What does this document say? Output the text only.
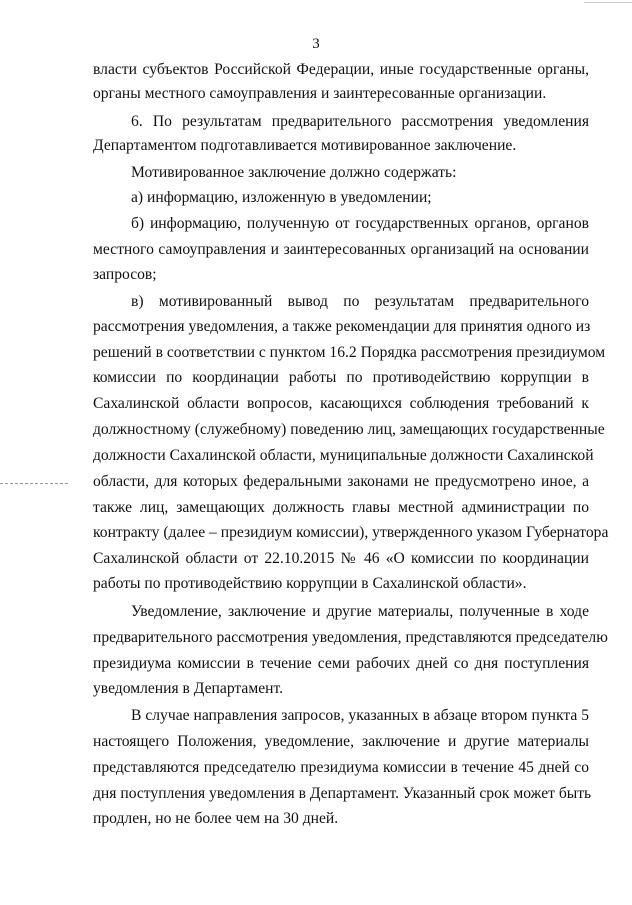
3
власти субъектов Российской Федерации, иные государственные органы,
органы местного самоуправления и заинтересованные организации.
6. По результатам предварительного рассмотрения уведомления
Департаментом подготавливается мотивированное заключение.
Мотивированное заключение должно содержать:
а) информацию, изложенную в уведомлении;
б) информацию, полученную от государственных органов, органов
местного самоуправления и заинтересованных организаций на основании
запросов;
в) мотивированный вывод по результатам предварительного
рассмотрения уведомления, а также рекомендации для принятия одного из
решений в соответствии с пунктом 16.2 Порядка рассмотрения президиумом
комиссии по координации работы по противодействию коррупции в
Сахалинской области вопросов, касающихся соблюдения требований к
должностному (служебному) поведению лиц, замещающих государственные
должности Сахалинской области, муниципальные должности Сахалинской
области, для которых федеральными законами не предусмотрено иное, а
также лиц, замещающих должность главы местной администрации по
контракту (далее – президиум комиссии), утвержденного указом Губернатора
Сахалинской области от 22.10.2015 № 46 «О комиссии по координации
работы по противодействию коррупции в Сахалинской области».
Уведомление, заключение и другие материалы, полученные в ходе
предварительного рассмотрения уведомления, представляются председателю
президиума комиссии в течение семи рабочих дней со дня поступления
уведомления в Департамент.
В случае направления запросов, указанных в абзаце втором пункта 5
настоящего Положения, уведомление, заключение и другие материалы
представляются председателю президиума комиссии в течение 45 дней со
дня поступления уведомления в Департамент. Указанный срок может быть
продлен, но не более чем на 30 дней.
